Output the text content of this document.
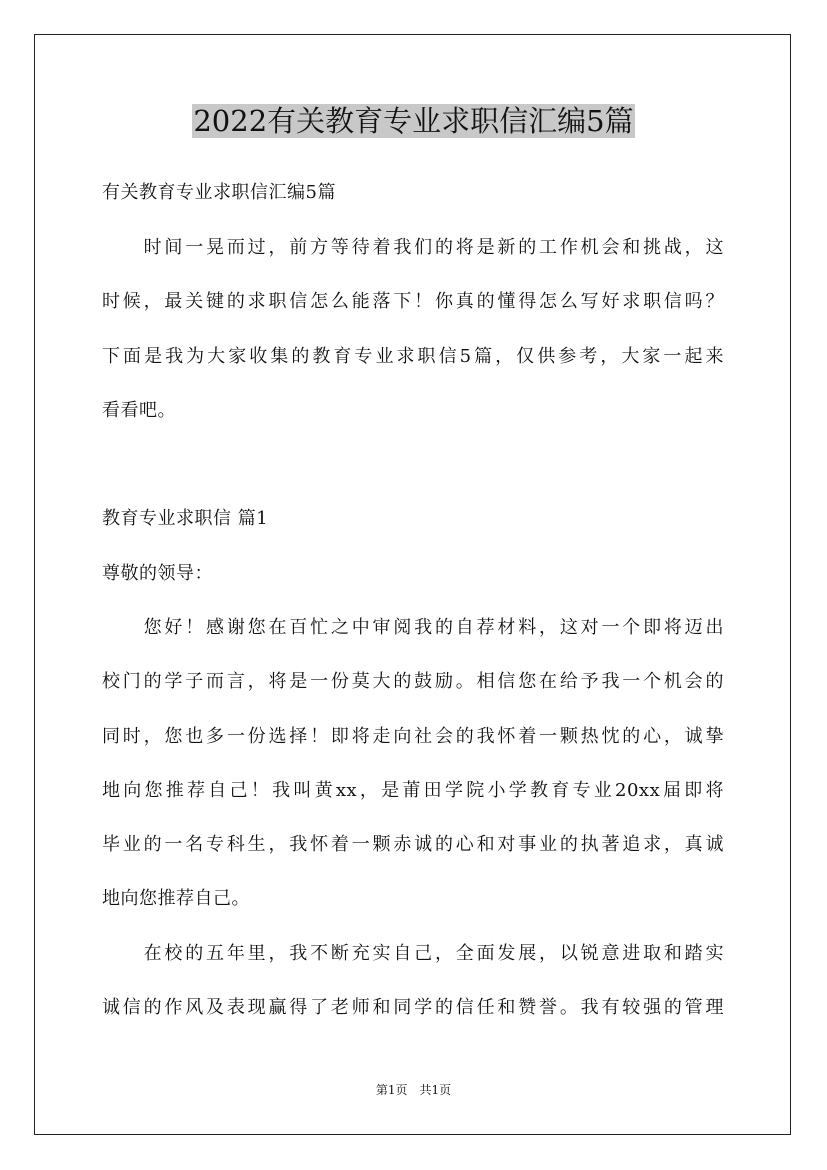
2022有关教育专业求职信汇编5篇
有关教育专业求职信汇编5篇
　　时间一晃而过，前方等待着我们的将是新的工作机会和挑战，这
时候，最关键的求职信怎么能落下！你真的懂得怎么写好求职信吗？
下面是我为大家收集的教育专业求职信5篇，仅供参考，大家一起来
看看吧。
教育专业求职信 篇1
尊敬的领导：
　　您好！感谢您在百忙之中审阅我的自荐材料，这对一个即将迈出
校门的学子而言，将是一份莫大的鼓励。相信您在给予我一个机会的
同时，您也多一份选择！即将走向社会的我怀着一颗热忱的心，诚挚
地向您推荐自己！我叫黄xx，是莆田学院小学教育专业20xx届即将
毕业的一名专科生，我怀着一颗赤诚的心和对事业的执著追求，真诚
地向您推荐自己。
　　在校的五年里，我不断充实自己，全面发展，以锐意进取和踏实
诚信的作风及表现赢得了老师和同学的信任和赞誉。我有较强的管理
第1页　共1页
